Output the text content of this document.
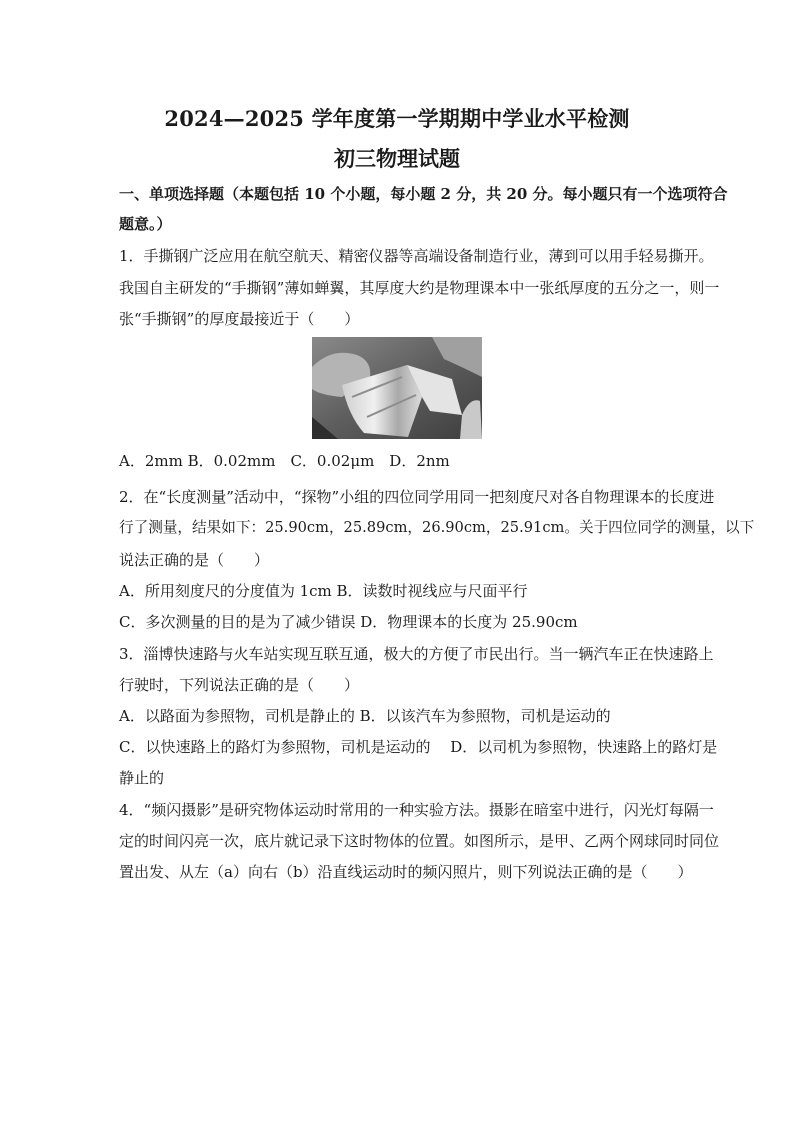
2024—2025 学年度第一学期期中学业水平检测
初三物理试题
一、单项选择题（本题包括 10 个小题，每小题 2 分，共 20 分。每小题只有一个选项符合
题意。）
1．手撕钢广泛应用在航空航天、精密仪器等高端设备制造行业，薄到可以用手轻易撕开。
我国自主研发的“手撕钢”薄如蝉翼，其厚度大约是物理课本中一张纸厚度的五分之一，则一
张“手撕钢”的厚度最接近于（　　）
A．2mm B．0.02mm　C．0.02μm　D．2nm
2．在“长度测量”活动中，“探物”小组的四位同学用同一把刻度尺对各自物理课本的长度进
行了测量，结果如下：25.90cm，25.89cm，26.90cm，25.91cm。关于四位同学的测量，以下
说法正确的是（　　）
A．所用刻度尺的分度值为 1cm B．读数时视线应与尺面平行
C．多次测量的目的是为了减少错误 D．物理课本的长度为 25.90cm
3．淄博快速路与火车站实现互联互通，极大的方便了市民出行。当一辆汽车正在快速路上
行驶时，下列说法正确的是（　　）
A．以路面为参照物，司机是静止的 B．以该汽车为参照物，司机是运动的
C．以快速路上的路灯为参照物，司机是运动的　 D．以司机为参照物，快速路上的路灯是
静止的
4．“频闪摄影”是研究物体运动时常用的一种实验方法。摄影在暗室中进行，闪光灯每隔一
定的时间闪亮一次，底片就记录下这时物体的位置。如图所示，是甲、乙两个网球同时同位
置出发、从左（a）向右（b）沿直线运动时的频闪照片，则下列说法正确的是（　　）
